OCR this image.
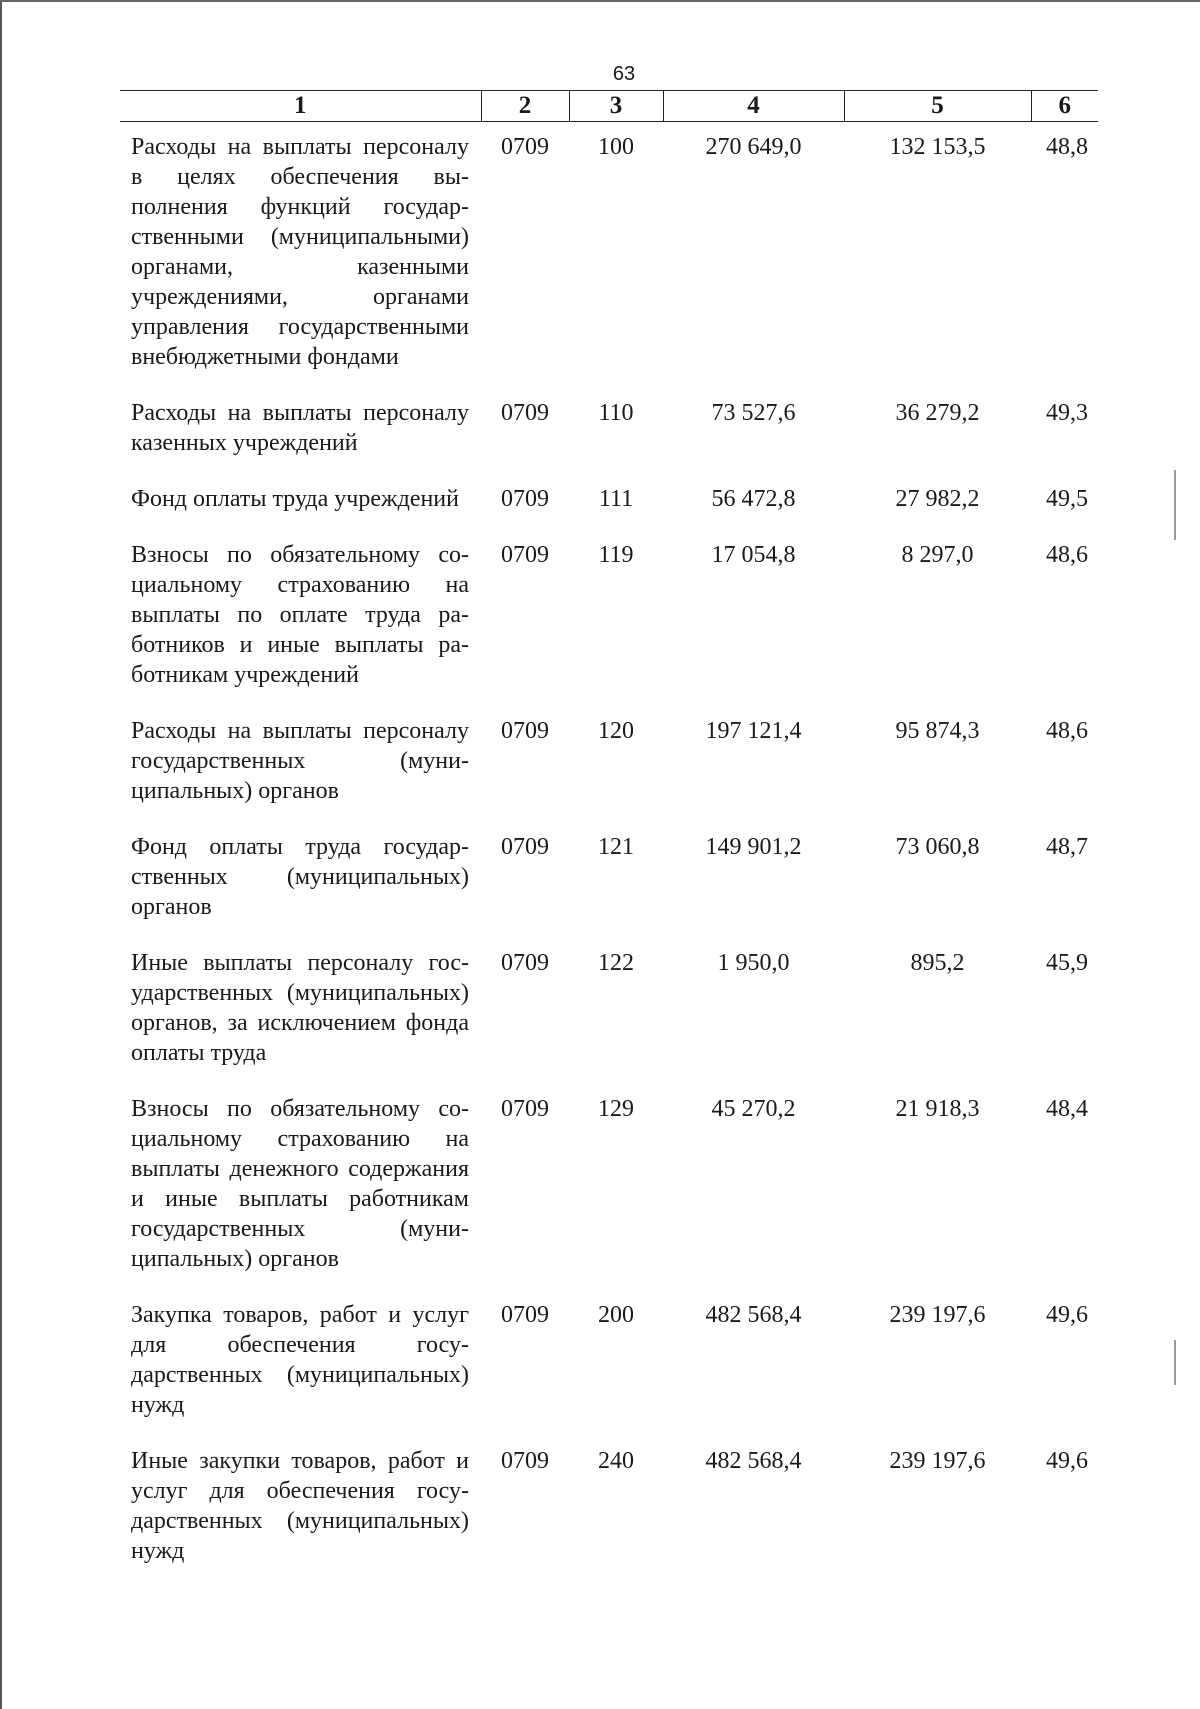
63
1	2	3	4	5	6
Расходы на выплаты персоналу в целях обеспечения выполнения функций государственными (муниципальными) органами, казенными учреждениями, органами управления государственными внебюджетными фондами	0709	100	270 649,0	132 153,5	48,8
Расходы на выплаты персоналу казенных учреждений	0709	110	73 527,6	36 279,2	49,3
Фонд оплаты труда учреждений	0709	111	56 472,8	27 982,2	49,5
Взносы по обязательному социальному страхованию на выплаты по оплате труда работников и иные выплаты работникам учреждений	0709	119	17 054,8	8 297,0	48,6
Расходы на выплаты персоналу государственных (муниципальных) органов	0709	120	197 121,4	95 874,3	48,6
Фонд оплаты труда государственных (муниципальных) органов	0709	121	149 901,2	73 060,8	48,7
Иные выплаты персоналу государственных (муниципальных) органов, за исключением фонда оплаты труда	0709	122	1 950,0	895,2	45,9
Взносы по обязательному социальному страхованию на выплаты денежного содержания и иные выплаты работникам государственных (муниципальных) органов	0709	129	45 270,2	21 918,3	48,4
Закупка товаров, работ и услуг для обеспечения государственных (муниципальных) нужд	0709	200	482 568,4	239 197,6	49,6
Иные закупки товаров, работ и услуг для обеспечения государственных (муниципальных) нужд	0709	240	482 568,4	239 197,6	49,6
